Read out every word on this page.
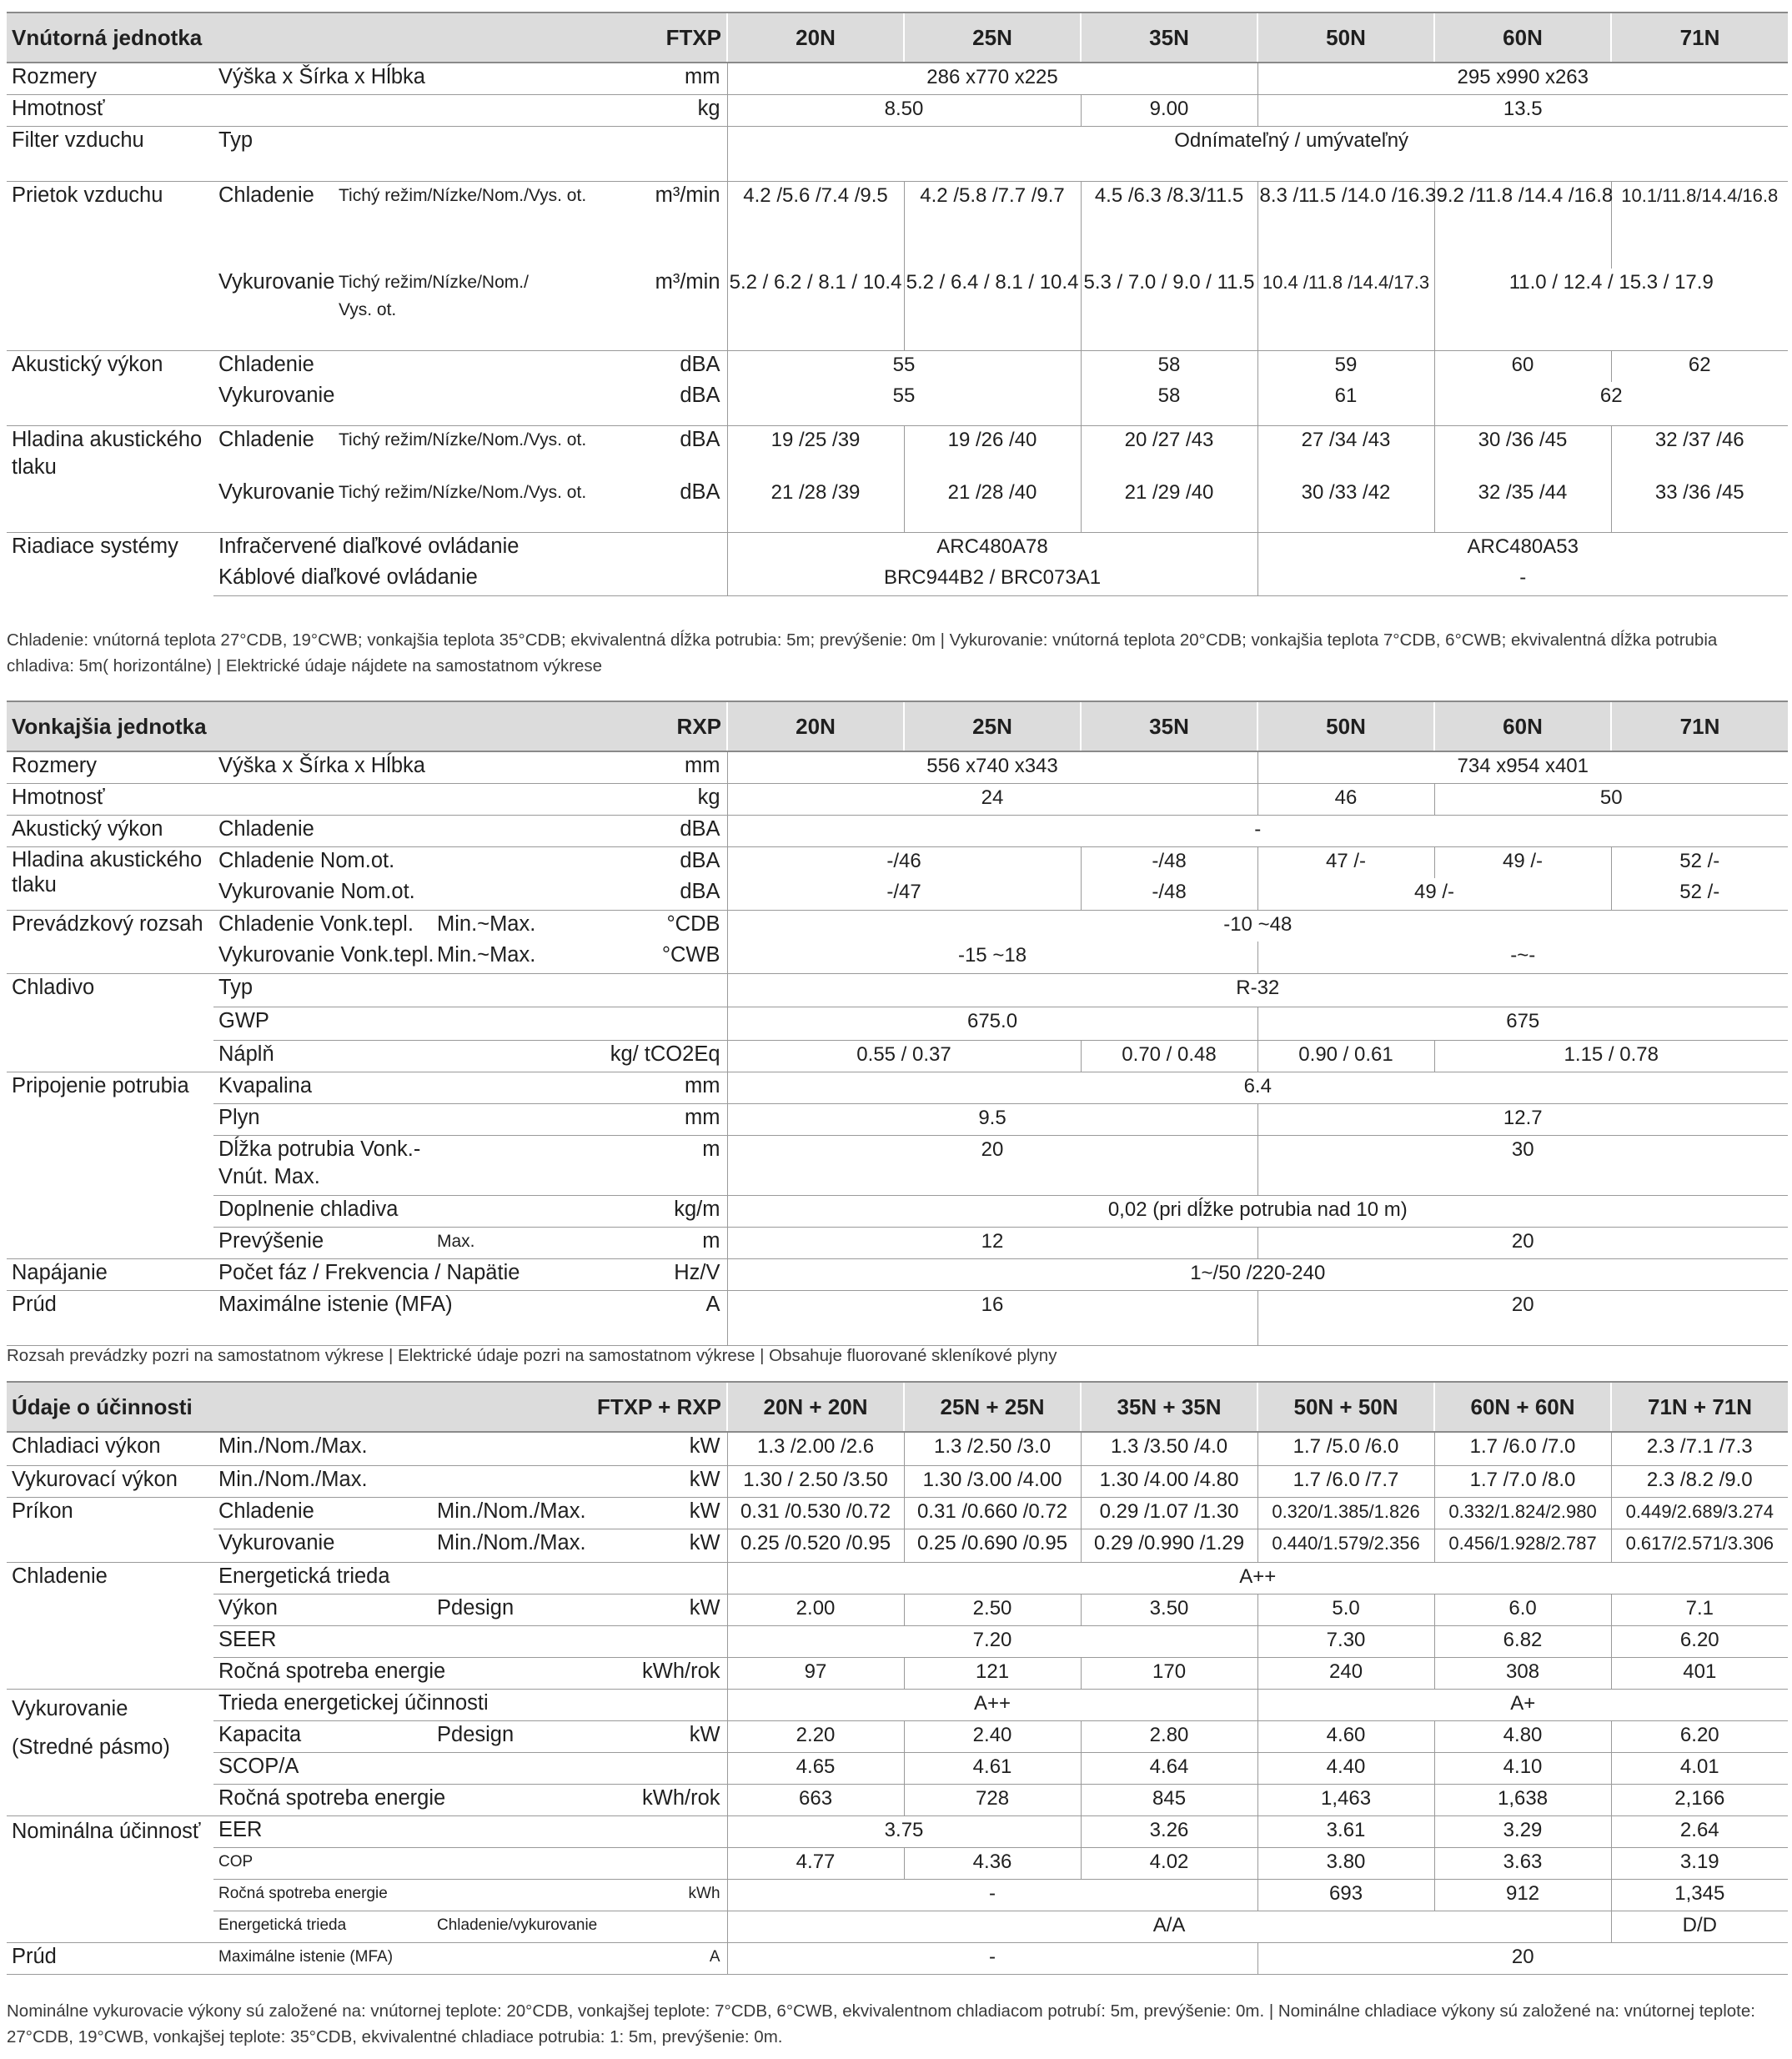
Vnútorná jednotka			FTXP	20N	25N	35N	50N	60N	71N
Rozmery	Výška x Šírka x Hĺbka		mm	286 x770 x225			295 x990 x263		
Hmotnosť			kg	8.50		9.00	13.5		
Filter vzduchu	Typ			Odnímateľný / umývateľný					

Prietok vzduchu	Chladenie	Tichý režim/Nízke/Nom./Vys. ot.	m³/min	4.2 /5.6 /7.4 /9.5	4.2 /5.8 /7.7 /9.7	4.5 /6.3 /8.3/11.5	8.3 /11.5 /14.0 /16.3	9.2 /11.8 /14.4 /16.8	10.1/11.8/14.4/16.8
	Vykurovanie	Tichý režim/Nízke/Nom./ Vys. ot.	m³/min	5.2 / 6.2 / 8.1 / 10.4	5.2 / 6.4 / 8.1 / 10.4	5.3 / 7.0 / 9.0 / 11.5	10.4 /11.8 /14.4/17.3	11.0 / 12.4 / 15.3 / 17.9	
Akustický výkon	Chladenie		dBA	55		58	59	60	62
	Vykurovanie		dBA	55		58	61	62	
Hladina akustického tlaku	Chladenie	Tichý režim/Nízke/Nom./Vys. ot.	dBA	19 /25 /39	19 /26 /40	20 /27 /43	27 /34 /43	30 /36 /45	32 /37 /46
	Vykurovanie	Tichý režim/Nízke/Nom./Vys. ot.	dBA	21 /28 /39	21 /28 /40	21 /29 /40	30 /33 /42	32 /35 /44	33 /36 /45
Riadiace systémy	Infračervené diaľkové ovládanie			ARC480A78			ARC480A53		
	Káblové diaľkové ovládanie			BRC944B2 / BRC073A1			-		

Chladenie: vnútorná teplota 27°CDB, 19°CWB; vonkajšia teplota 35°CDB; ekvivalentná dĺžka potrubia: 5m; prevýšenie: 0m | Vykurovanie: vnútorná teplota 20°CDB; vonkajšia teplota 7°CDB, 6°CWB; ekvivalentná dĺžka potrubia chladiva: 5m( horizontálne) | Elektrické údaje nájdete na samostatnom výkrese

Vonkajšia jednotka			RXP	20N	25N	35N	50N	60N	71N
Rozmery	Výška x Šírka x Hĺbka		mm	556 x740 x343			734 x954 x401		
Hmotnosť			kg	24			46	50	
Akustický výkon	Chladenie		dBA	-					
Hladina akustického tlaku	Chladenie Nom.ot.		dBA	-/46		-/48	47 /-	49 /-	52 /-
	Vykurovanie Nom.ot.		dBA	-/47		-/48	49 /-		52 /-
Prevádzkový rozsah	Chladenie Vonk.tepl.	Min.~Max.	°CDB	-10 ~48					
	Vykurovanie Vonk.tepl.	Min.~Max.	°CWB	-15 ~18			-~-		
Chladivo	Typ			R-32					
	GWP			675.0			675		
	Náplň		kg/ tCO2Eq	0.55 / 0.37		0.70 / 0.48	0.90 / 0.61	1.15 / 0.78	
Pripojenie potrubia	Kvapalina		mm	6.4					
	Plyn		mm	9.5			12.7		

	Dĺžka potrubia Vonk.- Vnút. Max.		m	20			30		
	Doplnenie chladiva		kg/m	0,02 (pri dĺžke potrubia nad 10 m)					
	Prevýšenie	Max.	m	12			20		
Napájanie	Počet fáz / Frekvencia / Napätie		Hz/V	1~/50 /220-240					
Prúd	Maximálne istenie (MFA)		A	16			20		

Rozsah prevádzky pozri na samostatnom výkrese | Elektrické údaje pozri na samostatnom výkrese | Obsahuje fluorované skleníkové plyny

Údaje o účinnosti			FTXP + RXP	20N + 20N	25N + 25N	35N + 35N	50N + 50N	60N + 60N	71N + 71N
Chladiaci výkon	Min./Nom./Max.		kW	1.3 /2.00 /2.6	1.3 /2.50 /3.0	1.3 /3.50 /4.0	1.7 /5.0 /6.0	1.7 /6.0 /7.0	2.3 /7.1 /7.3
Vykurovací výkon	Min./Nom./Max.		kW	1.30 / 2.50 /3.50	1.30 /3.00 /4.00	1.30 /4.00 /4.80	1.7 /6.0 /7.7	1.7 /7.0 /8.0	2.3 /8.2 /9.0
Príkon	Chladenie	Min./Nom./Max.	kW	0.31 /0.530 /0.72	0.31 /0.660 /0.72	0.29 /1.07 /1.30	0.320/1.385/1.826	0.332/1.824/2.980	0.449/2.689/3.274
	Vykurovanie	Min./Nom./Max.	kW	0.25 /0.520 /0.95	0.25 /0.690 /0.95	0.29 /0.990 /1.29	0.440/1.579/2.356	0.456/1.928/2.787	0.617/2.571/3.306
Chladenie	Energetická trieda			A++					
	Výkon	Pdesign	kW	2.00	2.50	3.50	5.0	6.0	7.1
	SEER			7.20			7.30	6.82	6.20
	Ročná spotreba energie		kWh/rok	97	121	170	240	308	401
Vykurovanie (Stredné pásmo)	Trieda energetickej účinnosti			A++			A+		
	Kapacita	Pdesign	kW	2.20	2.40	2.80	4.60	4.80	6.20
	SCOP/A			4.65	4.61	4.64	4.40	4.10	4.01
	Ročná spotreba energie		kWh/rok	663	728	845	1,463	1,638	2,166
Nominálna účinnosť	EER			3.75		3.26	3.61	3.29	2.64
	COP			4.77	4.36	4.02	3.80	3.63	3.19
	Ročná spotreba energie		kWh	-			693	912	1,345
	Energetická trieda	Chladenie/vykurovanie		A/A					D/D
Prúd	Maximálne istenie (MFA)		A	-			20		

Nominálne vykurovacie výkony sú založené na: vnútornej teplote: 20°CDB, vonkajšej teplote: 7°CDB, 6°CWB, ekvivalentnom chladiacom potrubí: 5m, prevýšenie: 0m. | Nominálne chladiace výkony sú založené na: vnútornej teplote: 27°CDB, 19°CWB, vonkajšej teplote: 35°CDB, ekvivalentné chladiace potrubia: 1: 5m, prevýšenie: 0m.
